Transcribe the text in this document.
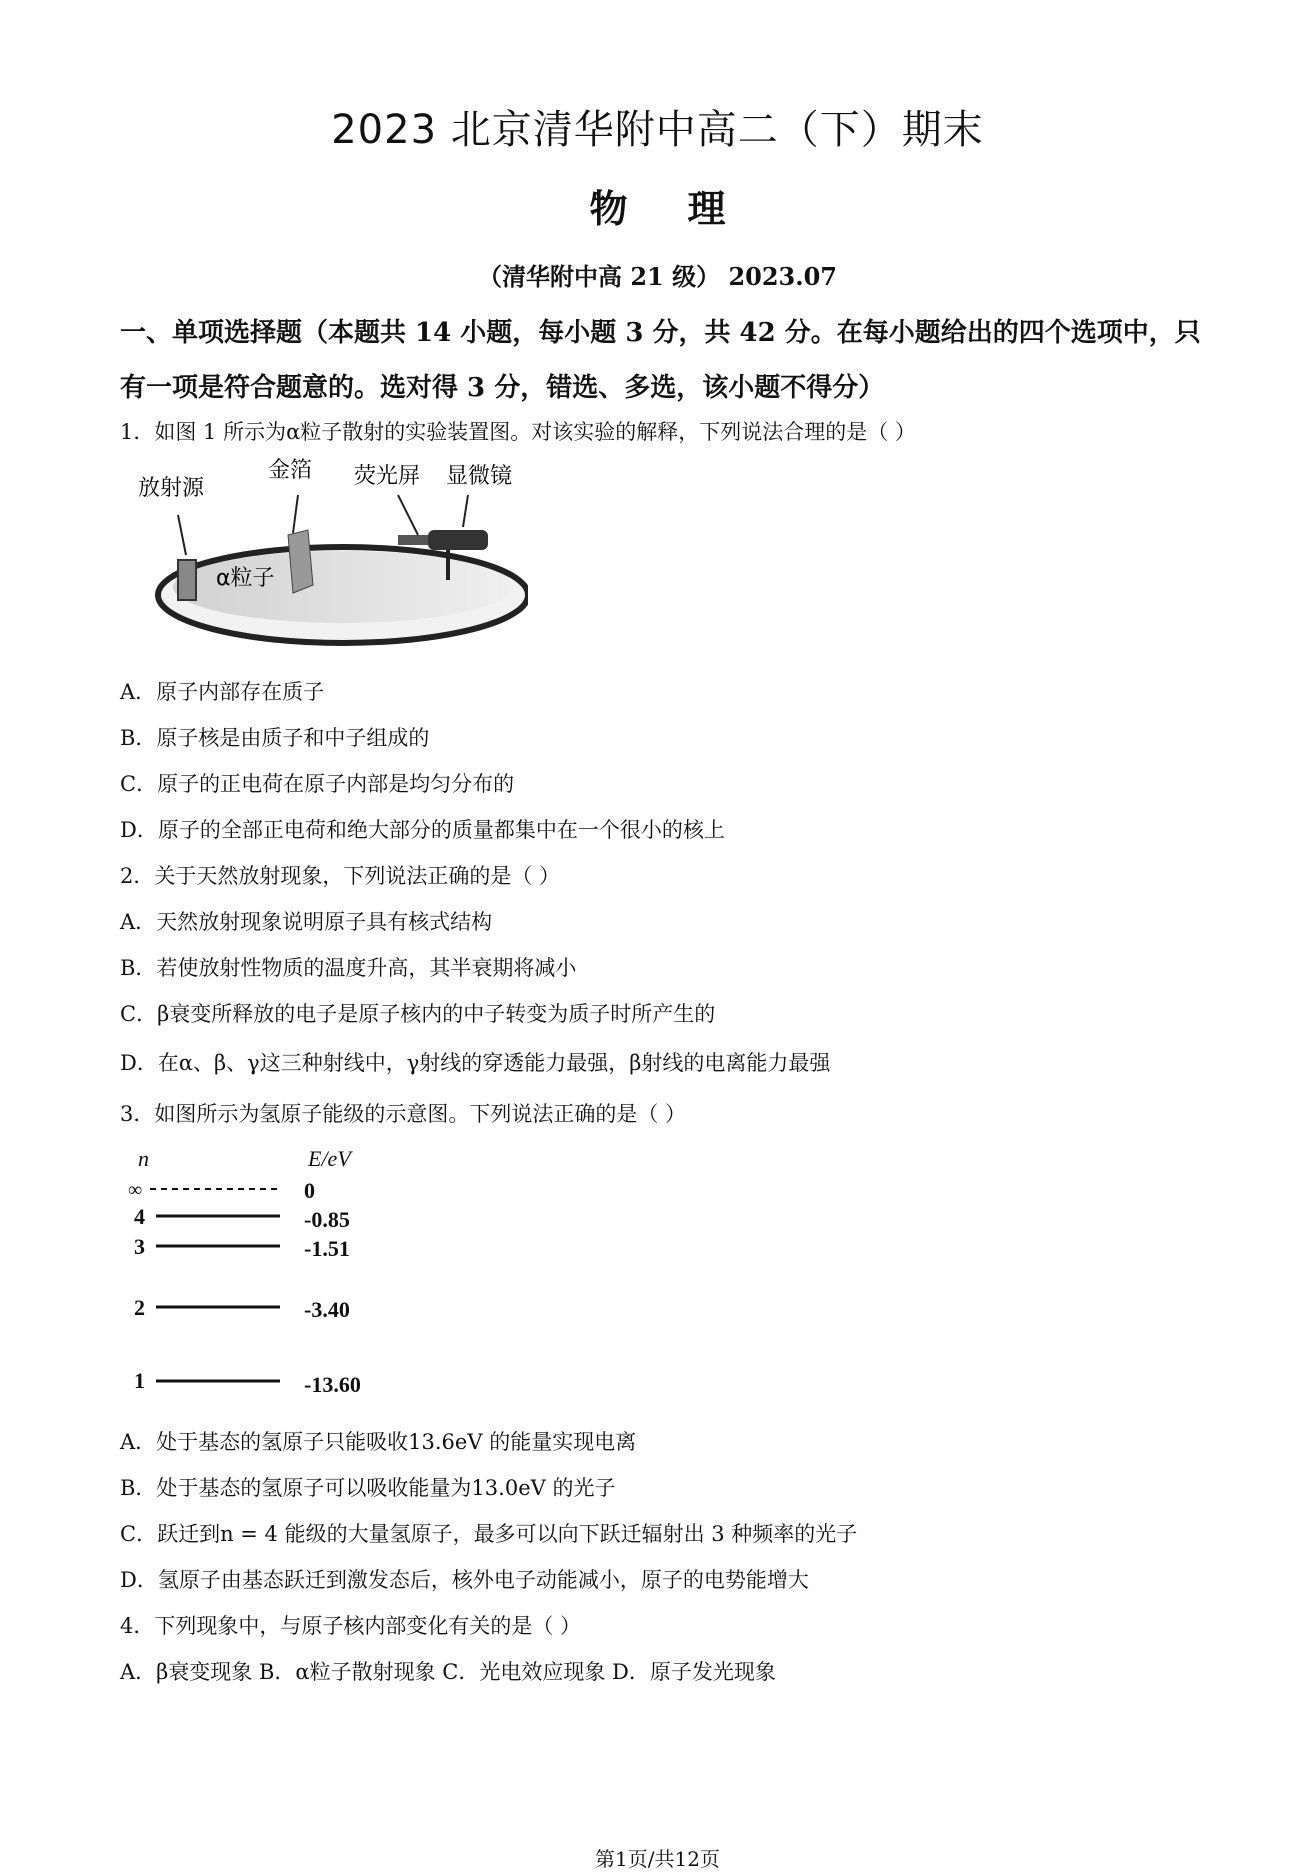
2023 北京清华附中高二（下）期末
物理
（清华附中高 21 级） 2023.07
一、单项选择题（本题共 14 小题，每小题 3 分，共 42 分。在每小题给出的四个选项中，只有一项是符合题意的。选对得 3 分，错选、多选，该小题不得分）
1．如图 1 所示为α粒子散射的实验装置图。对该实验的解释，下列说法合理的是（ ）
放射源
金箔 荧光屏 显微镜
α粒子
A．原子内部存在质子
B．原子核是由质子和中子组成的
C．原子的正电荷在原子内部是均匀分布的
D．原子的全部正电荷和绝大部分的质量都集中在一个很小的核上
2．关于天然放射现象，下列说法正确的是（ ）
A．天然放射现象说明原子具有核式结构
B．若使放射性物质的温度升高，其半衰期将减小
C．β衰变所释放的电子是原子核内的中子转变为质子时所产生的
D．在α、β、γ这三种射线中，γ射线的穿透能力最强，β射线的电离能力最强
3．如图所示为氢原子能级的示意图。下列说法正确的是（ ）
n	E/eV
∞	0
4	-0.85
3	-1.51
2	-3.40
1	-13.60
A．处于基态的氢原子只能吸收13.6eV 的能量实现电离
B．处于基态的氢原子可以吸收能量为13.0eV 的光子
C．跃迁到n = 4 能级的大量氢原子，最多可以向下跃迁辐射出 3 种频率的光子
D．氢原子由基态跃迁到激发态后，核外电子动能减小，原子的电势能增大
4．下列现象中，与原子核内部变化有关的是（ ）
A．β衰变现象 B．α粒子散射现象 C．光电效应现象 D．原子发光现象
第1页/共12页
